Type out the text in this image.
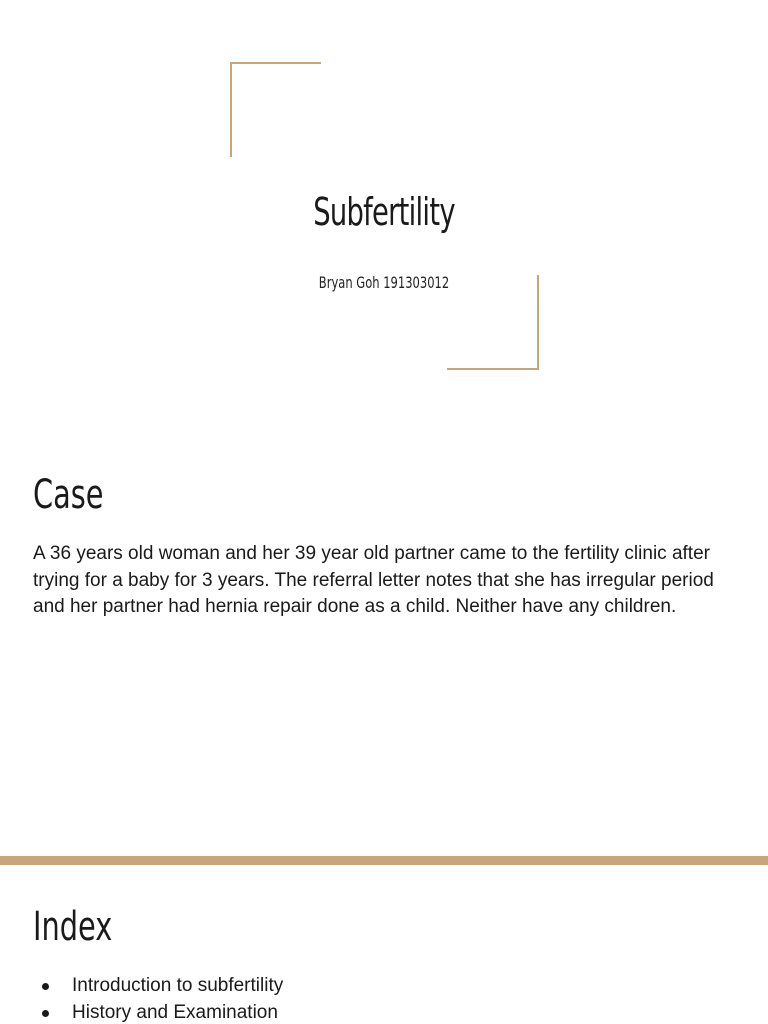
Subfertility
Bryan Goh 191303012
Case

A 36 years old woman and her 39 year old partner came to the fertility clinic after trying for a baby for 3 years. The referral letter notes that she has irregular period and her partner had hernia repair done as a child. Neither have any children.

Index
Introduction to subfertility
History and Examination
